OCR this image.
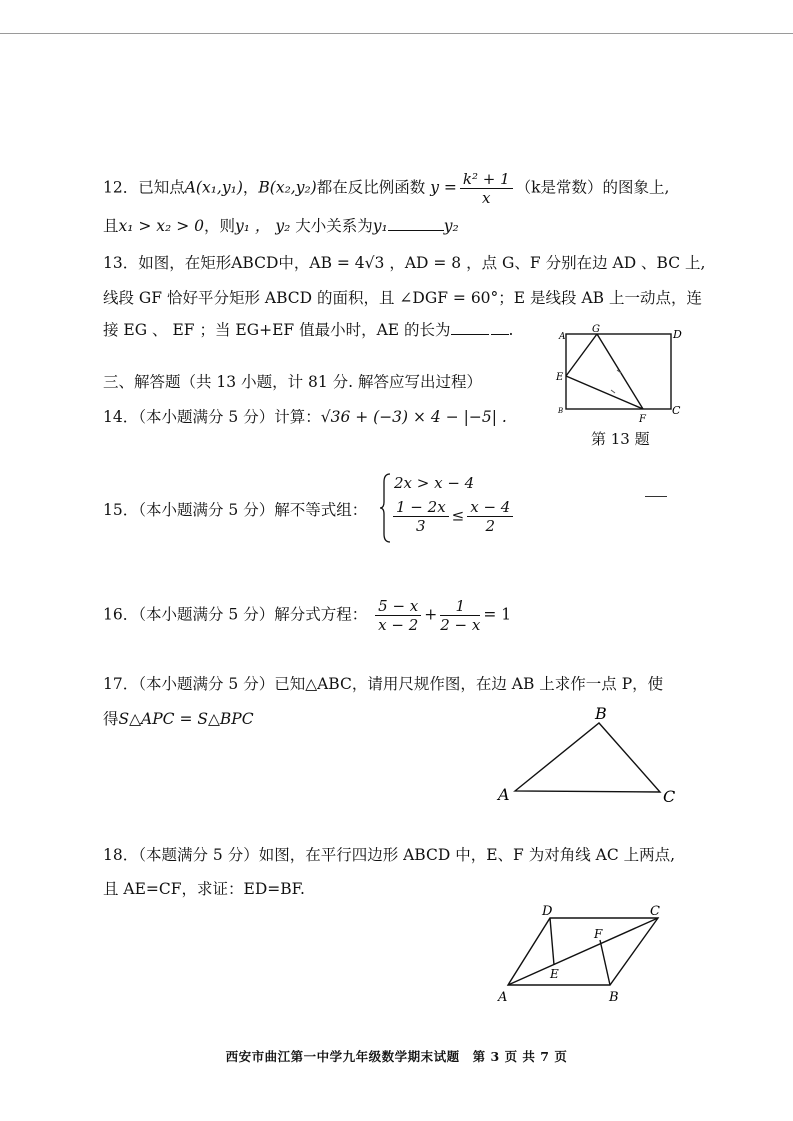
12．已知点A(x₁,y₁)，B(x₂,y₂)都在反比例函数 $y = \frac{\text{k² + 1}}{x} (k$是常数）的图象上,
且x₁ > x₂ > 0，则y₁ ， y₂ 大小关系为y₁	y₂
13．如图，在矩形ABCD中，AB = 4√3 ，AD = 8 ，点 G、F 分别在边 AD 、BC 上,
线段 GF 恰好平分矩形 ABCD 的面积，且 ∠DGF = 60°；E 是线段 AB 上一动点，连
接 EG 、 EF ；当 EG+EF 值最小时，AE 的长为	.	A
G	D
E
B
F
C
第 13 题
三、解答题（共 13 小题，计 81 分. 解答应写出过程）
14．（本小题满分 5 分）计算：√36 + (−3) × 4 − |−5| .
15．（本小题满分 5 分）解不等式组：
2x > x − 4
$\frac{1 - 2x}{3} \le \frac{x - 4}{2}$
16．（本小题满分 5 分）解分式方程： $\frac{5 - x}{x - 2} + \frac{1}{2 - x} = 1$
17．（本小题满分 5 分）已知△ABC，请用尺规作图，在边 AB 上求作一点 P，使
得S△APC = S△BPC
A
B
C
18．（本题满分 5 分）如图，在平行四边形 ABCD 中，E、F 为对角线 AC 上两点,
且 AE=CF，求证：ED=BF.
A	B
C
D
E
F
西安市曲江第一中学九年级数学期末试题　第 3 页 共 7 页
